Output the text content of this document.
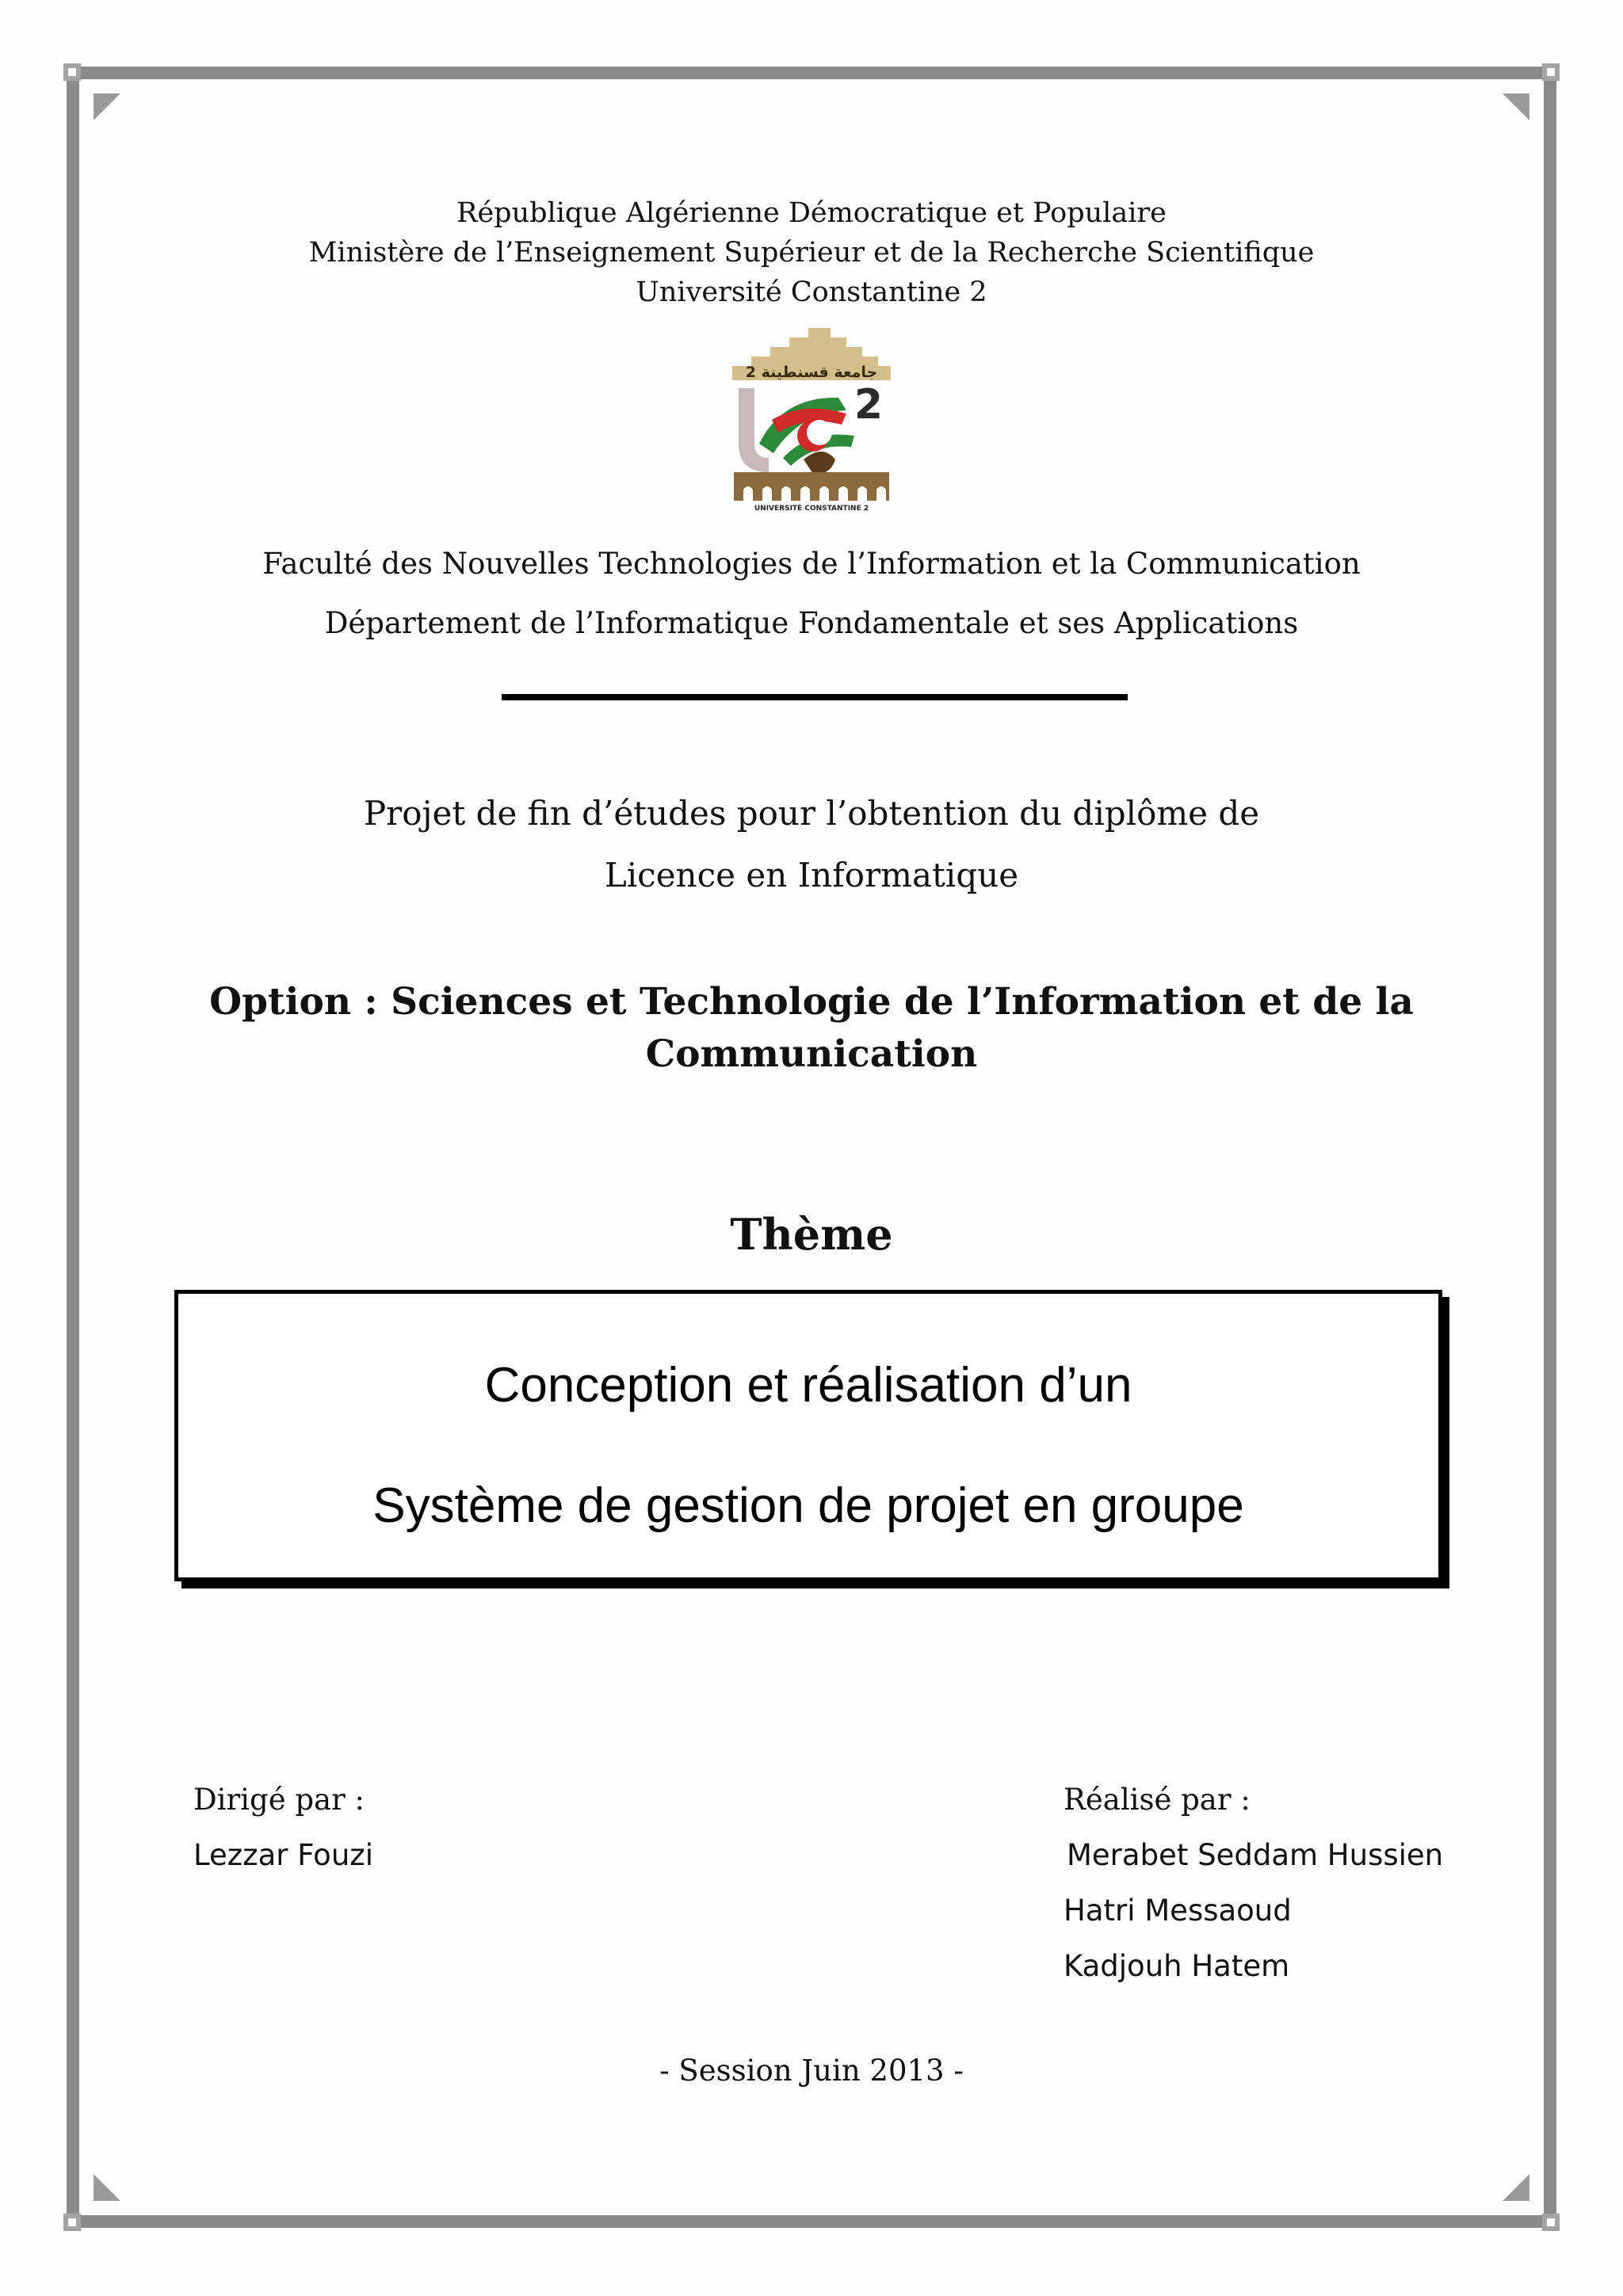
République Algérienne Démocratique et Populaire
Ministère de l’Enseignement Supérieur et de la Recherche Scientifique
Université Constantine 2
جامعة قسنطينة 2
2
UNIVERSITÉ CONSTANTINE 2
Faculté des Nouvelles Technologies de l’Information et la Communication
Département de l’Informatique Fondamentale et ses Applications
Projet de fin d’études pour l’obtention du diplôme de
Licence en Informatique
Option : Sciences et Technologie de l’Information et de la
Communication
Thème
Conception et réalisation d’un
Système de gestion de projet en groupe
Dirigé par :
Lezzar Fouzi
Réalisé par :
Merabet Seddam Hussien
Hatri Messaoud
Kadjouh Hatem
- Session Juin 2013 -
